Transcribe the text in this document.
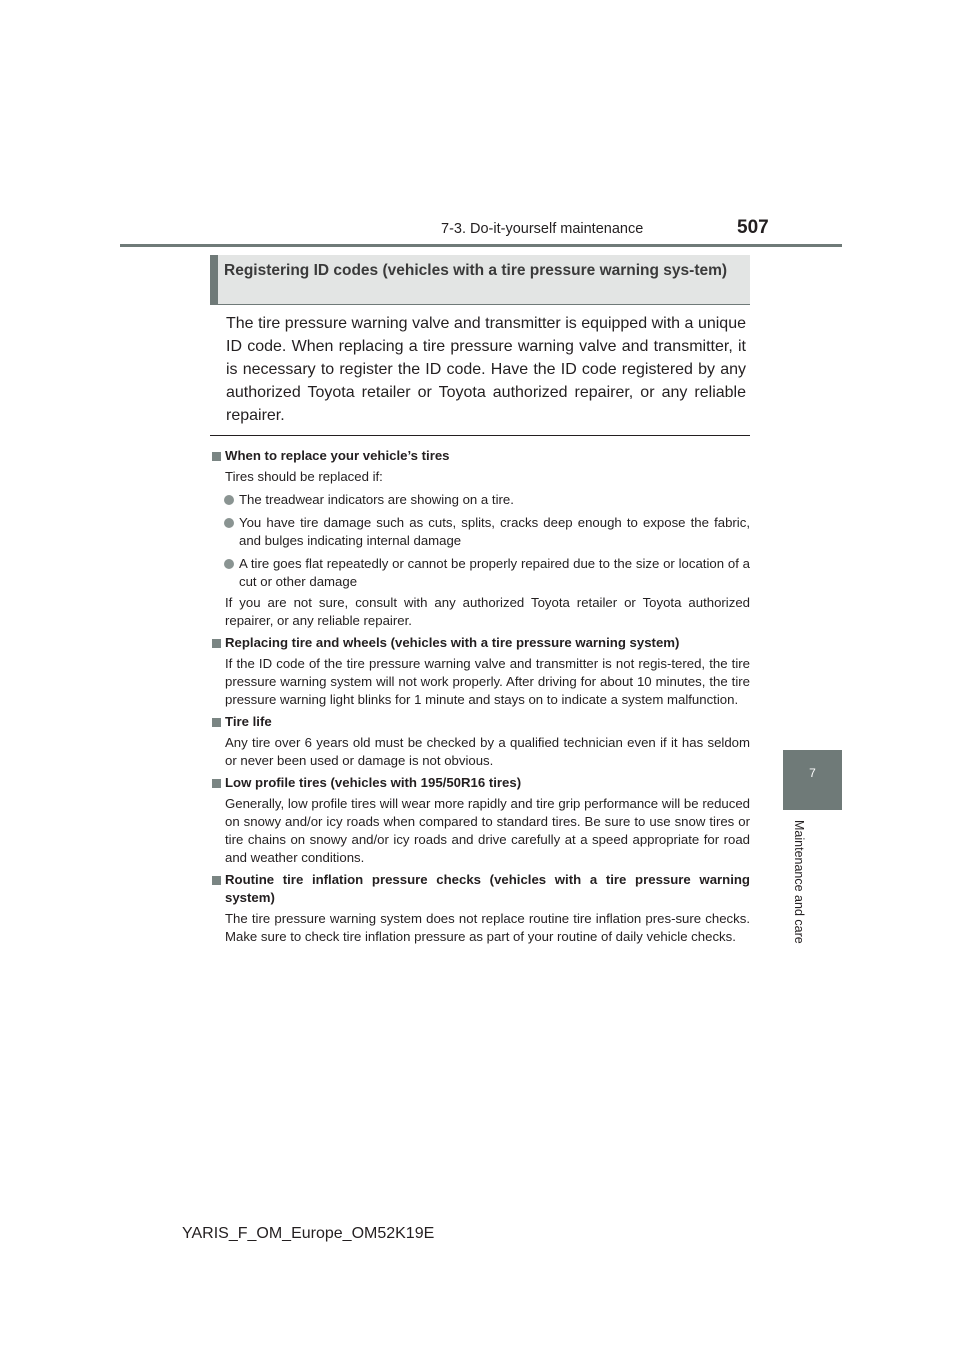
7-3. Do-it-yourself maintenance	507
7
Maintenance and care
Registering ID codes (vehicles with a tire pressure warning sys-tem)

The tire pressure warning valve and transmitter is equipped with a unique ID code. When replacing a tire pressure warning valve and transmitter, it is necessary to register the ID code. Have the ID code registered by any authorized Toyota retailer or Toyota authorized repairer, or any reliable repairer.

When to replace your vehicle’s tires

Tires should be replaced if:

The treadwear indicators are showing on a tire.
You have tire damage such as cuts, splits, cracks deep enough to expose the fabric, and bulges indicating internal damage
A tire goes flat repeatedly or cannot be properly repaired due to the size or location of a cut or other damage

If you are not sure, consult with any authorized Toyota retailer or Toyota authorized repairer, or any reliable repairer.

Replacing tire and wheels (vehicles with a tire pressure warning system)

If the ID code of the tire pressure warning valve and transmitter is not regis-tered, the tire pressure warning system will not work properly. After driving for about 10 minutes, the tire pressure warning light blinks for 1 minute and stays on to indicate a system malfunction.

Tire life

Any tire over 6 years old must be checked by a qualified technician even if it has seldom or never been used or damage is not obvious.

Low profile tires (vehicles with 195/50R16 tires)

Generally, low profile tires will wear more rapidly and tire grip performance will be reduced on snowy and/or icy roads when compared to standard tires. Be sure to use snow tires or tire chains on snowy and/or icy roads and drive carefully at a speed appropriate for road and weather conditions.

Routine tire inflation pressure checks (vehicles with a tire pressure warning system)

The tire pressure warning system does not replace routine tire inflation pres-sure checks. Make sure to check tire inflation pressure as part of your routine of daily vehicle checks.

YARIS_F_OM_Europe_OM52K19E
